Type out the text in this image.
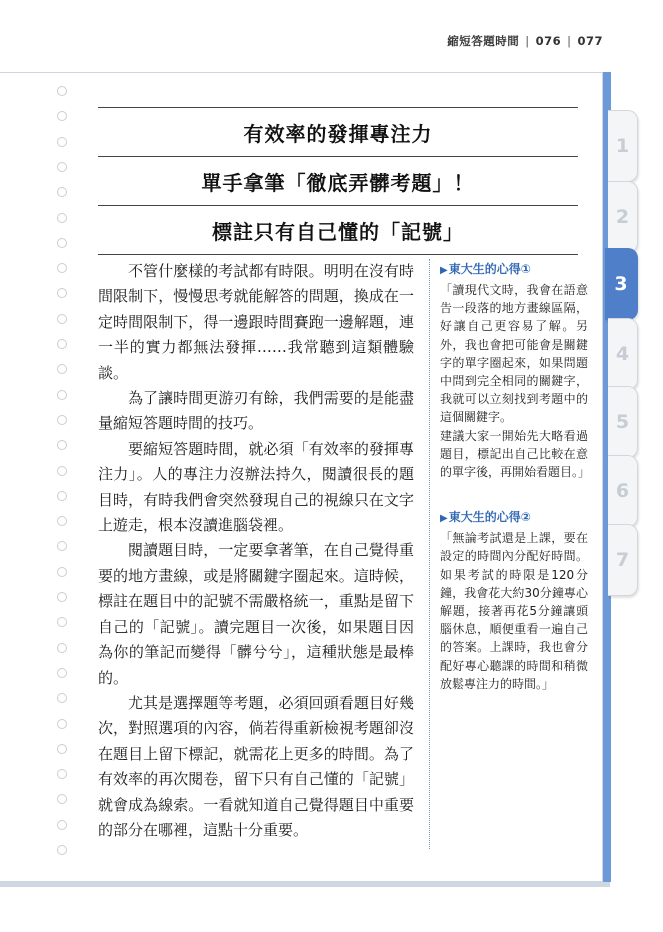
縮短答題時間 | 076 | 077
1
2
3
4
5
6
7
有效率的發揮專注力
單手拿筆「徹底弄髒考題」！
標註只有自己懂的「記號」

不管什麼樣的考試都有時限。明明在沒有時間限制下，慢慢思考就能解答的問題，換成在一定時間限制下，得一邊跟時間賽跑一邊解題，連一半的實力都無法發揮……我常聽到這類體驗談。

為了讓時間更游刃有餘，我們需要的是能盡量縮短答題時間的技巧。

要縮短答題時間，就必須「有效率的發揮專注力」。人的專注力沒辦法持久，閱讀很長的題目時，有時我們會突然發現自己的視線只在文字上遊走，根本沒讀進腦袋裡。

閱讀題目時，一定要拿著筆，在自己覺得重要的地方畫線，或是將關鍵字圈起來。這時候，標註在題目中的記號不需嚴格統一，重點是留下自己的「記號」。讀完題目一次後，如果題目因為你的筆記而變得「髒兮兮」，這種狀態是最棒的。

尤其是選擇題等考題，必須回頭看題目好幾次，對照選項的內容，倘若得重新檢視考題卻沒在題目上留下標記，就需花上更多的時間。為了有效率的再次閱卷，留下只有自己懂的「記號」就會成為線索。一看就知道自己覺得題目中重要的部分在哪裡，這點十分重要。

▶東大生的心得①

「讀現代文時，我會在語意告一段落的地方畫線區隔，好讓自己更容易了解。另外，我也會把可能會是關鍵字的單字圈起來，如果問題中問到完全相同的關鍵字，我就可以立刻找到考題中的這個關鍵字。

建議大家一開始先大略看過題目，標記出自己比較在意的單字後，再開始看題目。」

▶東大生的心得②

「無論考試還是上課，要在設定的時間內分配好時間。如果考試的時限是120分鐘，我會花大約30分鐘專心解題，接著再花5分鐘讓頭腦休息，順便重看一遍自己的答案。上課時，我也會分配好專心聽課的時間和稍微放鬆專注力的時間。」
